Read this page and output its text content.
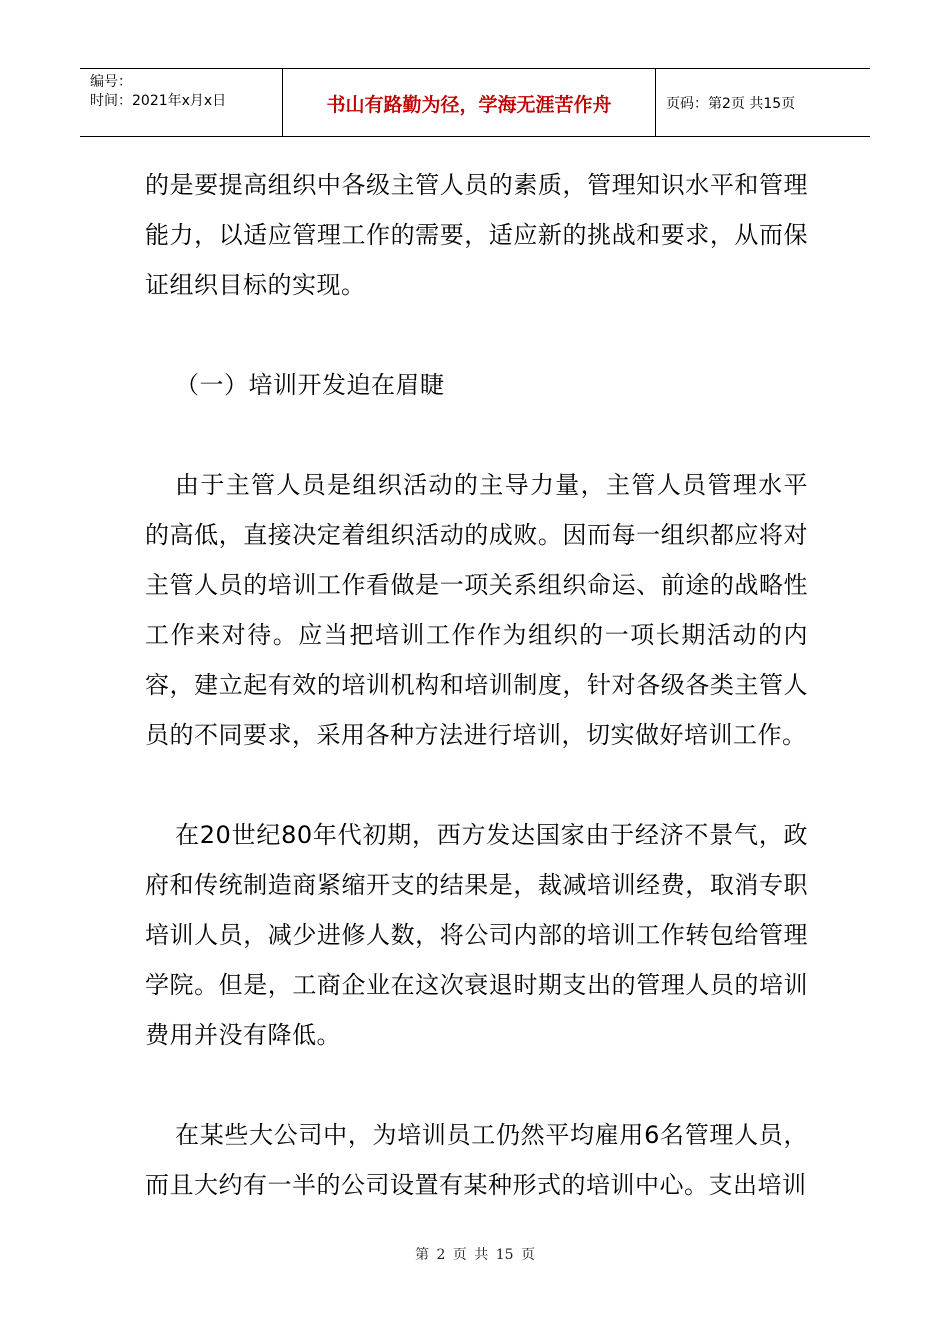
编号：
时间：2021年x月x日	书山有路勤为径，学海无涯苦作舟	页码：第2页 共15页

的是要提高组织中各级主管人员的素质，管理知识水平和管理能力，以适应管理工作的需要，适应新的挑战和要求，从而保证组织目标的实现。

（一）培训开发迫在眉睫

由于主管人员是组织活动的主导力量，主管人员管理水平的高低，直接决定着组织活动的成败。因而每一组织都应将对主管人员的培训工作看做是一项关系组织命运、前途的战略性工作来对待。应当把培训工作作为组织的一项长期活动的内容，建立起有效的培训机构和培训制度，针对各级各类主管人员的不同要求，采用各种方法进行培训，切实做好培训工作。

在20世纪80年代初期，西方发达国家由于经济不景气，政府和传统制造商紧缩开支的结果是，裁减培训经费，取消专职培训人员，减少进修人数，将公司内部的培训工作转包给管理学院。但是，工商企业在这次衰退时期支出的管理人员的培训费用并没有降低。

在某些大公司中，为培训员工仍然平均雇用6名管理人员，而且大约有一半的公司设置有某种形式的培训中心。支出培训

第 2 页 共 15 页
